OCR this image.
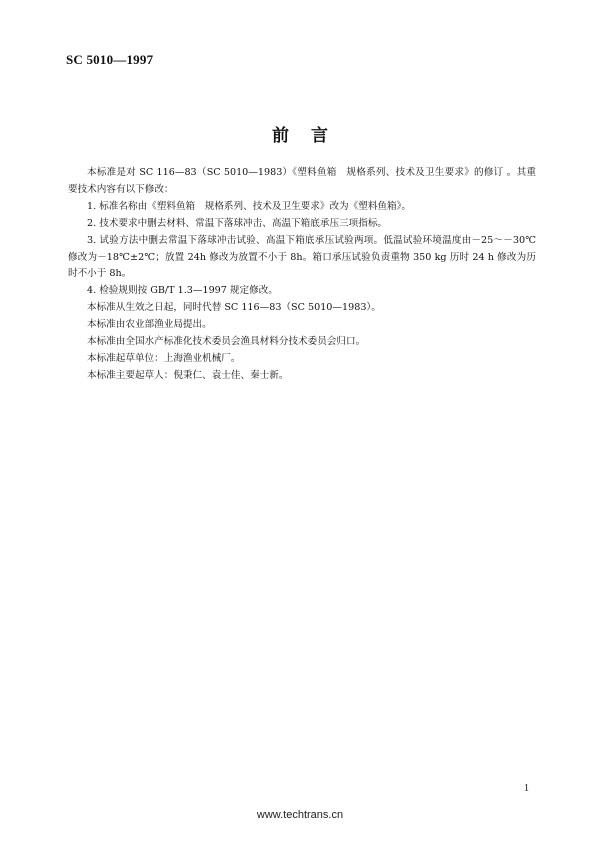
SC 5010—1997
前言

本标准是对 SC 116—83（SC 5010—1983）《塑料鱼箱　规格系列、技术及卫生要求》的修订 。其重要技术内容有以下修改：

1. 标准名称由《塑料鱼箱　规格系列、技术及卫生要求》改为《塑料鱼箱》。

2. 技术要求中删去材料、常温下落球冲击、高温下箱底承压三项指标。

3. 试验方法中删去常温下落球冲击试验、高温下箱底承压试验两项。低温试验环境温度由－25～－30℃修改为－18℃±2℃；放置 24h 修改为放置不小于 8h。箱口承压试验负责重物 350 kg 历时 24 h 修改为历时不小于 8h。

4. 检验规则按 GB/T 1.3—1997 规定修改。

本标准从生效之日起，同时代替 SC 116—83（SC 5010—1983）。

本标准由农业部渔业局提出。

本标准由全国水产标准化技术委员会渔具材料分技术委员会归口。

本标准起草单位：上海渔业机械厂。

本标准主要起草人：倪秉仁、袁士佳、秦士新。

1
www.techtrans.cn
